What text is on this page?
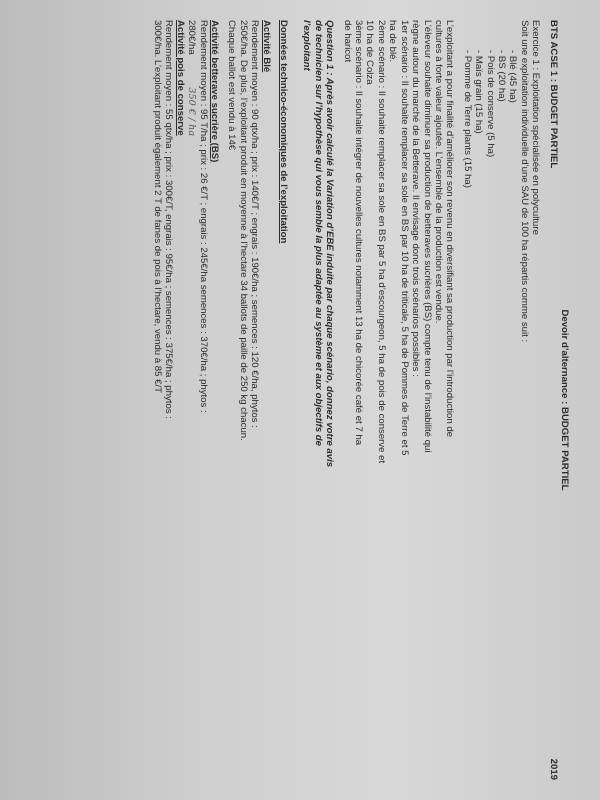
Devoir d’alternance : BUDGET PARTIEL

BTS ACSE 1 : BUDGET PARTIEL
2019

Exercice 1 : Exploitation spécialisée en polyculture

Soit une exploitation individuelle d’une SAU de 100 ha répartis comme suit :

- Blé (45 ha)

- BS (20 ha)

- Pois de conserve (5 ha)

- Maïs grain (15 ha)

- Pomme de Terre plants (15 ha)

L’exploitant a pour finalité d’améliorer son revenu en diversifiant sa production par l’introduction de

cultures à forte valeur ajoutée. L’ensemble de la production est vendue.

L’éleveur souhaite diminuer sa production de betteraves sucrières (BS) compte tenu de l’instabilité qui

règne autour du marché de la Betterave. Il envisage donc trois scénarios possibles :

1er scénario : Il souhaite remplacer sa sole en BS par 10 ha de triticale, 5 ha de Pommes de Terre et 5

ha de blé.

2ème scénario : Il souhaite remplacer sa sole en BS par 5 ha d’escourgeon, 5 ha de pois de conserve et

10 ha de Colza

3ème scénario : Il souhaite intégrer de nouvelles cultures notamment 13 ha de chicorée café et 7 ha

de haricot

Question 1 : Après avoir calculé la Variation d’EBE induite par chaque scénario, donnez votre avis

de technicien sur l’hypothèse qui vous semble la plus adaptée au système et aux objectifs de

l’exploitant

Données technico-économiques de l’exploitation

Activité Blé

Rendement moyen : 90 qtx/ha ; prix : 140€/T ; engrais : 190€/ha ; semences : 120 €/ha, phytos :

250€/ha. De plus, l’exploitant produit en moyenne à l’hectare 34 ballots de paille de 250 kg chacun.

Chaque ballot est vendu à 14€

Activité betterave sucrière (BS)

Rendement moyen : 95 T/ha ; prix : 26 €/T ; engrais : 245€/ha semences : 370€/ha ; phytos :

280€/ha 350 € / ha

Activité pois de conserve

Rendement moyen : 55 qtx/ha ; prix : 300€/T, engrais : 95€/ha ; semences : 375€/ha ; phytos :

300€/ha. L’exploitant produit également 2 T de fanes de pois à l’hectare, vendu à 85 €/T
